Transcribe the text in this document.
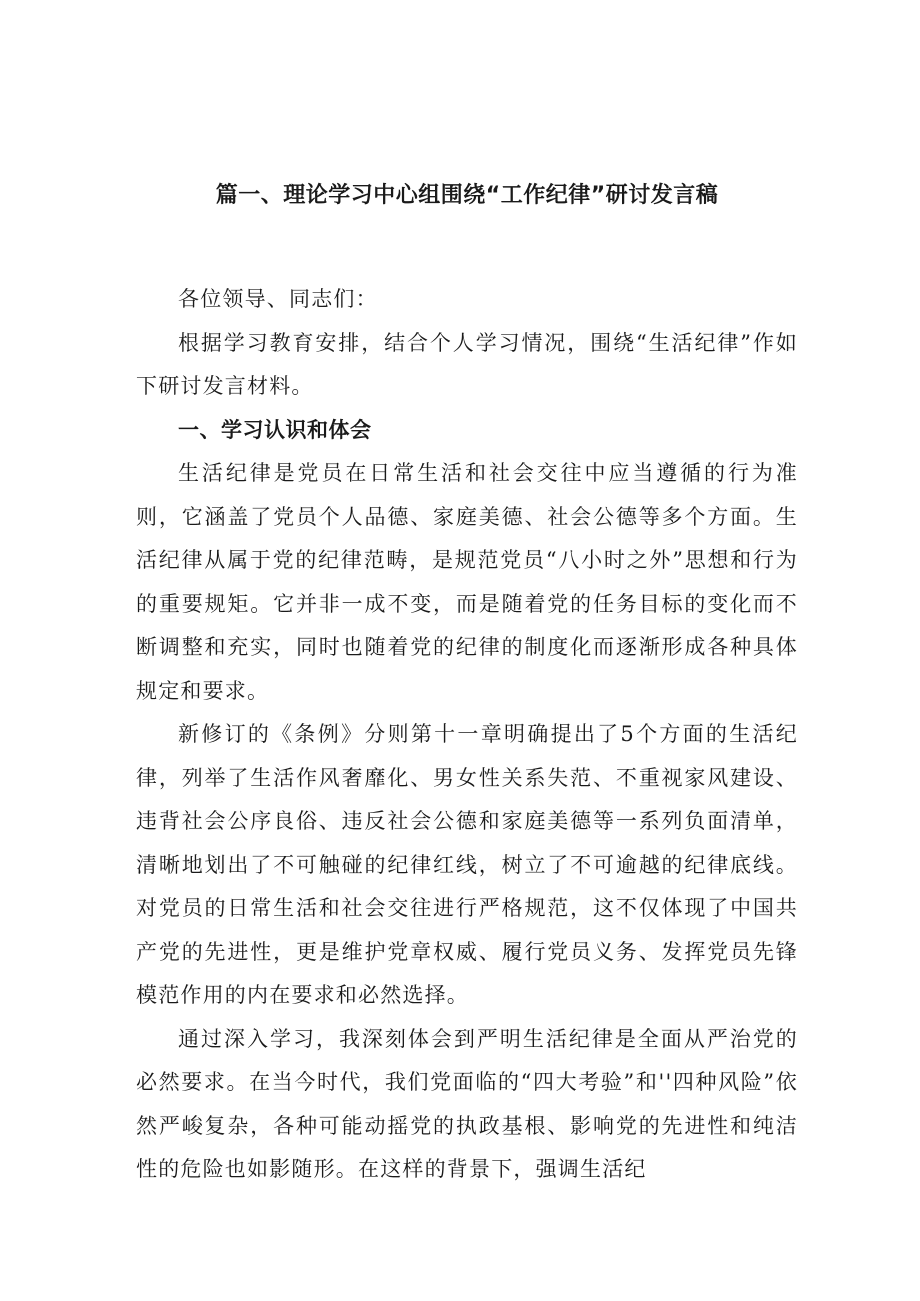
篇一、理论学习中心组围绕“工作纪律”研讨发言稿

各位领导、同志们：

根据学习教育安排，结合个人学习情况，围绕“生活纪律”作如下研讨发言材料。

一、学习认识和体会

生活纪律是党员在日常生活和社会交往中应当遵循的行为准则，它涵盖了党员个人品德、家庭美德、社会公德等多个方面。生活纪律从属于党的纪律范畴，是规范党员“八小时之外”思想和行为的重要规矩。它并非一成不变，而是随着党的任务目标的变化而不断调整和充实，同时也随着党的纪律的制度化而逐渐形成各种具体规定和要求。

新修订的《条例》分则第十一章明确提出了5个方面的生活纪律，列举了生活作风奢靡化、男女性关系失范、不重视家风建设、违背社会公序良俗、违反社会公德和家庭美德等一系列负面清单，清晰地划出了不可触碰的纪律红线，树立了不可逾越的纪律底线。对党员的日常生活和社会交往进行严格规范，这不仅体现了中国共产党的先进性，更是维护党章权威、履行党员义务、发挥党员先锋模范作用的内在要求和必然选择。

通过深入学习，我深刻体会到严明生活纪律是全面从严治党的必然要求。在当今时代，我们党面临的“四大考验”和''四种风险”依然严峻复杂，各种可能动摇党的执政基根、影响党的先进性和纯洁性的危险也如影随形。在这样的背景下，强调生活纪
